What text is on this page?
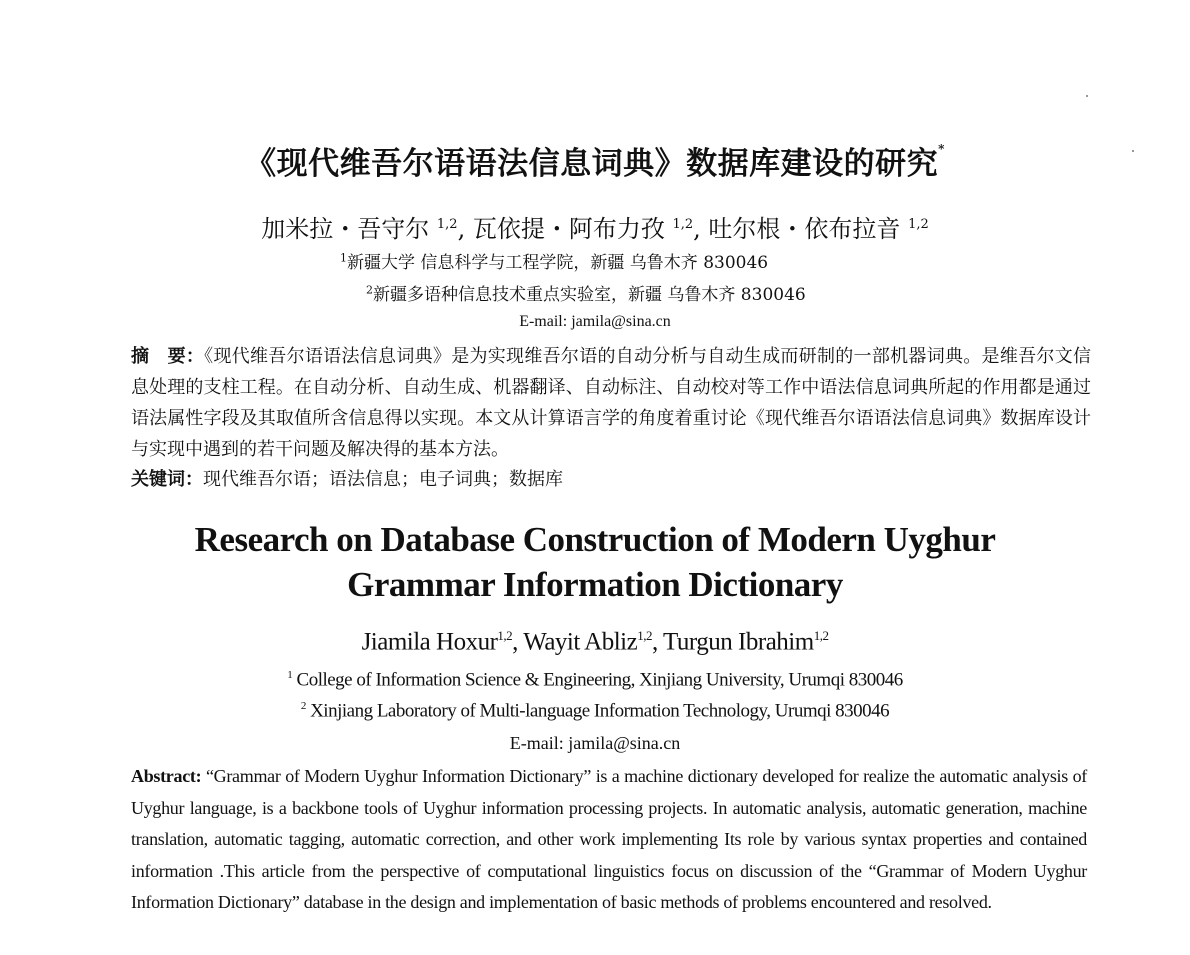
《现代维吾尔语语法信息词典》数据库建设的研究*
加米拉・吾守尔 $^{1,2}$, 瓦依提・阿布力孜 $^{1,2}$, 吐尔根・依布拉音 $^{1,2}$
$^1$新疆大学 信息科学与工程学院，新疆 乌鲁木齐 830046
$^2$新疆多语种信息技术重点实验室，新疆 乌鲁木齐 830046
E-mail: jamila@sina.cn
摘　要：《现代维吾尔语语法信息词典》是为实现维吾尔语的自动分析与自动生成而研制的一部机器词典。是维吾尔文信息处理的支柱工程。在自动分析、自动生成、机器翻译、自动标注、自动校对等工作中语法信息词典所起的作用都是通过语法属性字段及其取值所含信息得以实现。本文从计算语言学的角度着重讨论《现代维吾尔语语法信息词典》数据库设计与实现中遇到的若干问题及解决得的基本方法。
关键词：现代维吾尔语；语法信息；电子词典；数据库
Research on Database Construction of Modern Uyghur
Grammar Information Dictionary
Jiamila Hoxur$^{1,2}$, Wayit Abliz$^{1,2}$, Turgun Ibrahim$^{1,2}$
$^1$ College of Information Science & Engineering, Xinjiang University, Urumqi 830046
$^2$ Xinjiang Laboratory of Multi-language Information Technology, Urumqi 830046
E-mail: jamila@sina.cn
Abstract: “Grammar of Modern Uyghur Information Dictionary” is a machine dictionary developed for realize the automatic analysis of Uyghur language, is a backbone tools of Uyghur information processing projects. In automatic analysis, automatic generation, machine translation, automatic tagging, automatic correction, and other work implementing Its role by various syntax properties and contained information .This article from the perspective of computational linguistics focus on discussion of the “Grammar of Modern Uyghur Information Dictionary” database in the design and implementation of basic methods of problems encountered and resolved.
